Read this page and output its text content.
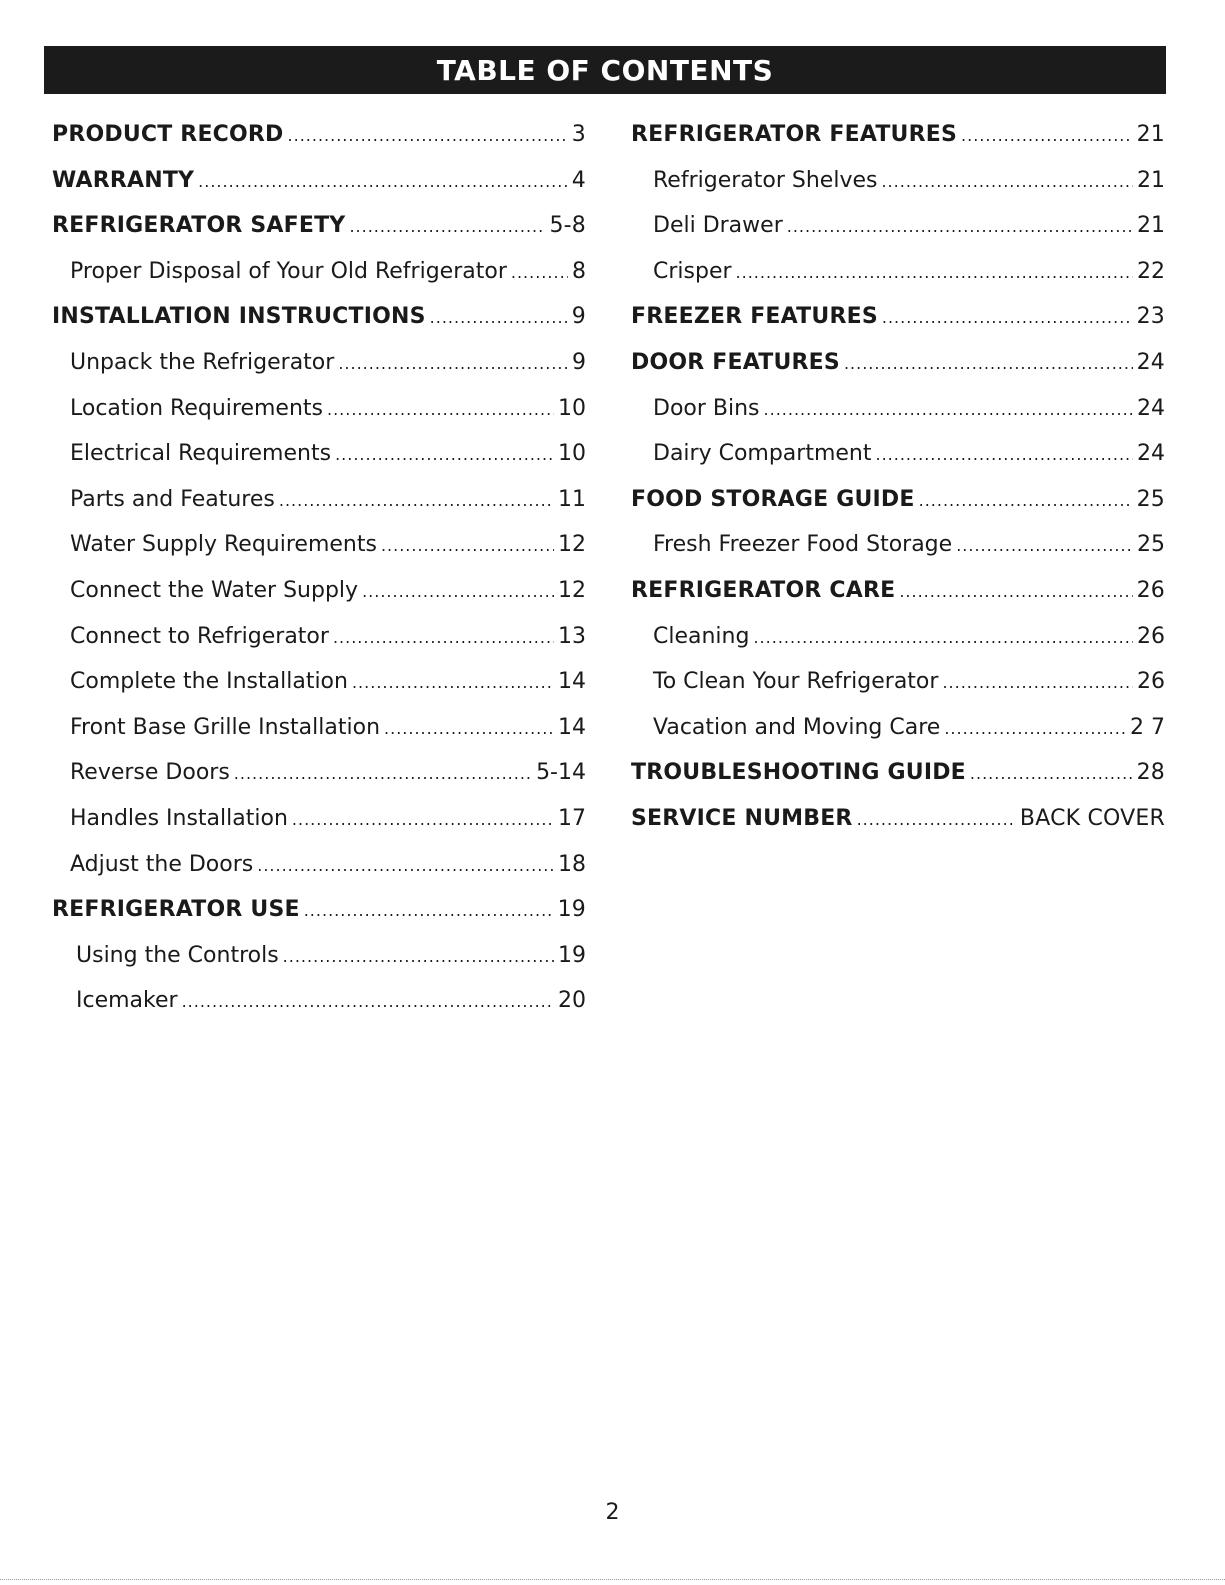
TABLE OF CONTENTS
PRODUCT RECORD .....	3
WARRANTY .....	4
REFRIGERATOR SAFETY .....	5-8
Proper Disposal of Your Old Refrigerator .....	8
INSTALLATION INSTRUCTIONS .....	9
Unpack the Refrigerator .....	9
Location Requirements .....	10
Electrical Requirements .....	10
Parts and Features .....	11
Water Supply Requirements .....	12
Connect the Water Supply .....	12
Connect to Refrigerator .....	13
Complete the Installation .....	14
Front Base Grille Installation .....	14
Reverse Doors .....	5-14
Handles Installation .....	17
Adjust the Doors .....	18
REFRIGERATOR USE .....	19
Using the Controls .....	19
Icemaker .....	20
REFRIGERATOR FEATURES .....	21
Refrigerator Shelves .....	21
Deli Drawer .....	21
Crisper .....	22
FREEZER FEATURES .....	23
DOOR FEATURES .....	24
Door Bins .....	24
Dairy Compartment .....	24
FOOD STORAGE GUIDE .....	25
Fresh Freezer Food Storage .....	25
REFRIGERATOR CARE .....	26
Cleaning .....	26
To Clean Your Refrigerator .....	26
Vacation and Moving Care .....	2 7
TROUBLESHOOTING GUIDE .....	28
SERVICE NUMBER .....	BACK COVER
2
